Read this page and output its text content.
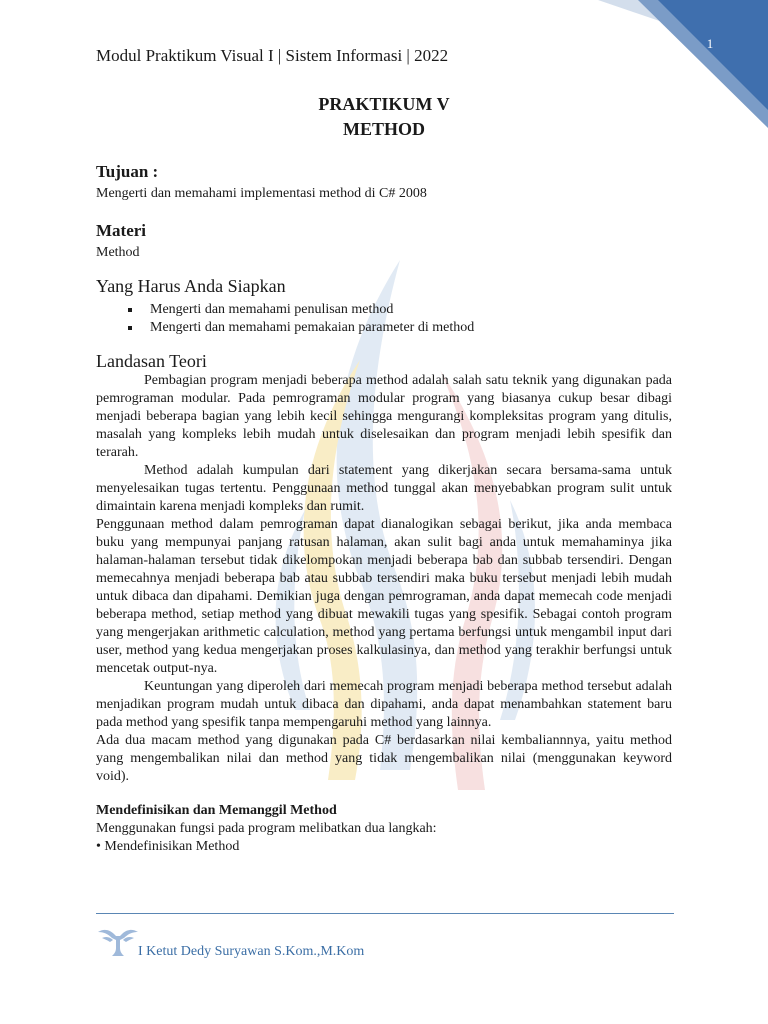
1
Modul Praktikum Visual I | Sistem Informasi | 2022
PRAKTIKUM V
METHOD
Tujuan :
Mengerti dan memahami implementasi method di C# 2008
Materi
Method
Yang Harus Anda Siapkan
▪ Mengerti dan memahami penulisan method
▪ Mengerti dan memahami pemakaian parameter di method
Landasan Teori
Pembagian program menjadi beberapa method adalah salah satu teknik yang digunakan pada pemrograman modular. Pada pemrograman modular program yang biasanya cukup besar dibagi menjadi beberapa bagian yang lebih kecil sehingga mengurangi kompleksitas program yang ditulis, masalah yang kompleks lebih mudah untuk diselesaikan dan program menjadi lebih spesifik dan terarah.
Method adalah kumpulan dari statement yang dikerjakan secara bersama-sama untuk menyelesaikan tugas tertentu. Penggunaan method tunggal akan menyebabkan program sulit untuk dimaintain karena menjadi kompleks dan rumit.
Penggunaan method dalam pemrograman dapat dianalogikan sebagai berikut, jika anda membaca buku yang mempunyai panjang ratusan halaman, akan sulit bagi anda untuk memahaminya jika halaman-halaman tersebut tidak dikelompokan menjadi beberapa bab dan subbab tersendiri. Dengan memecahnya menjadi beberapa bab atau subbab tersendiri maka buku tersebut menjadi lebih mudah untuk dibaca dan dipahami. Demikian juga dengan pemrograman, anda dapat memecah code menjadi beberapa method, setiap method yang dibuat mewakili tugas yang spesifik. Sebagai contoh program yang mengerjakan arithmetic calculation, method yang pertama berfungsi untuk mengambil input dari user, method yang kedua mengerjakan proses kalkulasinya, dan method yang terakhir berfungsi untuk mencetak output-nya.
Keuntungan yang diperoleh dari memecah program menjadi beberapa method tersebut adalah menjadikan program mudah untuk dibaca dan dipahami, anda dapat menambahkan statement baru pada method yang spesifik tanpa mempengaruhi method yang lainnya.
Ada dua macam method yang digunakan pada C# berdasarkan nilai kembaliannnya, yaitu method yang mengembalikan nilai dan method yang tidak mengembalikan nilai (menggunakan keyword void).
Mendefinisikan dan Memanggil Method
Menggunakan fungsi pada program melibatkan dua langkah:
• Mendefinisikan Method
I Ketut Dedy Suryawan S.Kom.,M.Kom
